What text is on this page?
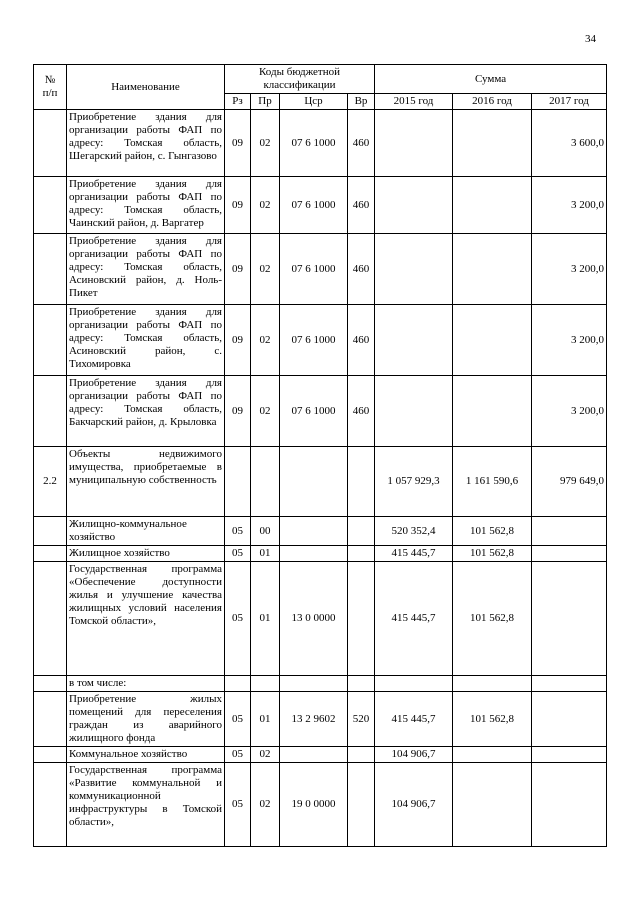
34
№
п/п	Наименование	Коды бюджетной классификации				Сумма		
		Рз	Пр	Цср	Вр	2015 год	2016 год	2017 год
	Приобретение здания для организации работы ФАП по адресу: Томская область, Шегарский район, с. Гынгазово	09	02	07 6 1000	460			3 600,0
	Приобретение здания для организации работы ФАП по адресу: Томская область, Чаинский район, д. Варгатер	09	02	07 6 1000	460			3 200,0
	Приобретение здания для организации работы ФАП по адресу: Томская область, Асиновский район, д. Ноль-Пикет	09	02	07 6 1000	460			3 200,0
	Приобретение здания для организации работы ФАП по адресу: Томская область, Асиновский район, с. Тихомировка	09	02	07 6 1000	460			3 200,0
	Приобретение здания для организации работы ФАП по адресу: Томская область, Бакчарский район, д. Крыловка	09	02	07 6 1000	460			3 200,0
2.2	Объекты недвижимого имущества, приобретаемые в муниципальную собственность					1 057 929,3	1 161 590,6	979 649,0
	Жилищно-коммунальное хозяйство	05	00			520 352,4	101 562,8	
	Жилищное хозяйство	05	01			415 445,7	101 562,8	
	Государственная программа «Обеспечение доступности жилья и улучшение качества жилищных условий населения Томской области»,	05	01	13 0 0000		415 445,7	101 562,8	
	в том числе:							
	Приобретение жилых помещений для переселения граждан из аварийного жилищного фонда	05	01	13 2 9602	520	415 445,7	101 562,8	
	Коммунальное хозяйство	05	02			104 906,7		
	Государственная программа «Развитие коммунальной и коммуникационной инфраструктуры в Томской области»,	05	02	19 0 0000		104 906,7		
